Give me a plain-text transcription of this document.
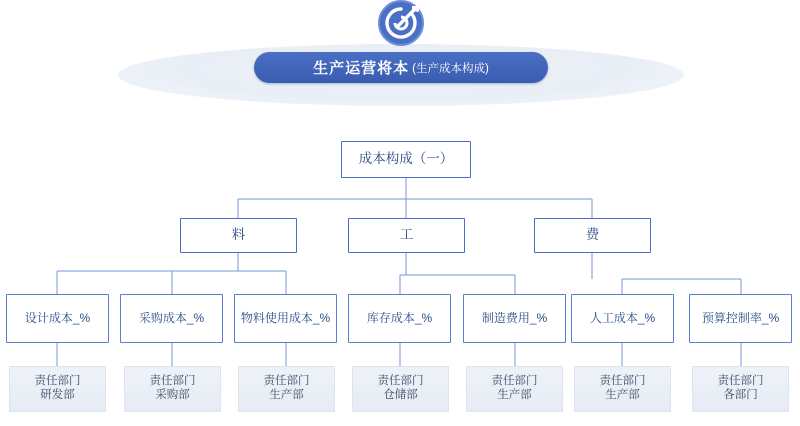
生产运营将本 (生产成本构成)
成本构成（一）
料	工	费
设计成本_%	采购成本_%	物料使用成本_%	库存成本_%	制造费用_%	人工成本_%	预算控制率_%
责任部门
研发部
责任部门
采购部
责任部门
生产部
责任部门
仓储部
责任部门
生产部
责任部门
生产部
责任部门
各部门
